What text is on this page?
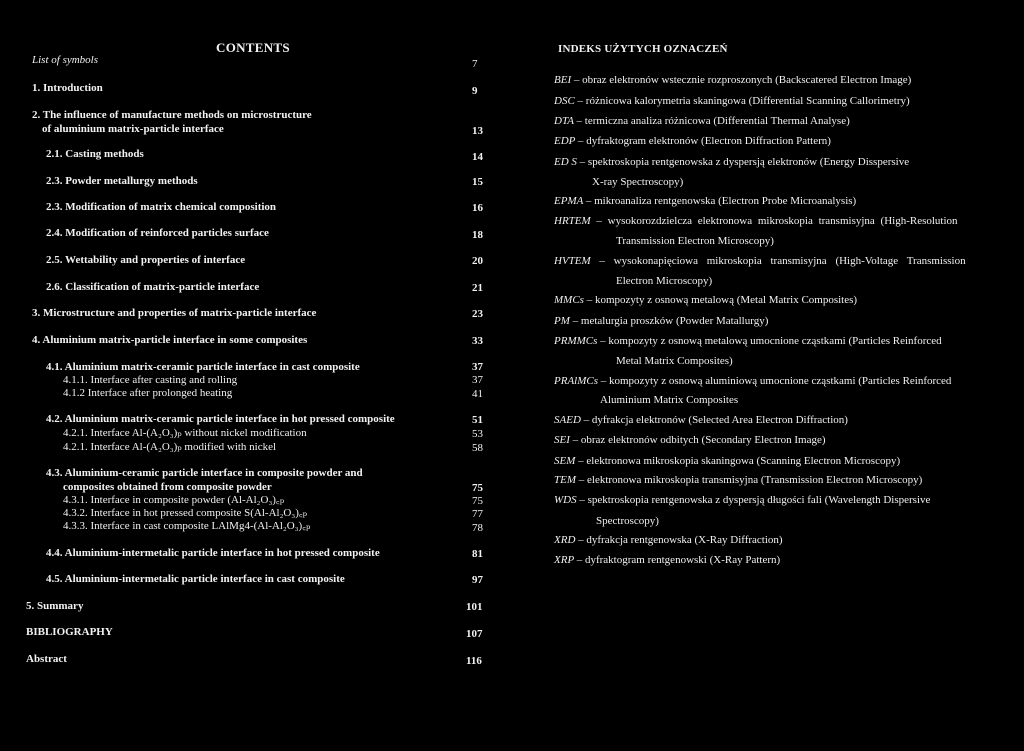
CONTENTS
List of symbols	7
1. Introduction	9
2. The influence of manufacture methods on microstructure
of aluminium matrix-particle interface	13
2.1. Casting methods	14
2.3. Powder metallurgy methods	15
2.3. Modification of matrix chemical composition	16
2.4. Modification of reinforced particles surface	18
2.5. Wettability and properties of interface	20
2.6. Classification of matrix-particle interface	21
3. Microstructure and properties of matrix-particle interface	23
4. Aluminium matrix-particle interface in some composites	33
4.1. Aluminium matrix-ceramic particle interface in cast composite	37
4.1.1. Interface after casting and rolling	37
4.1.2 Interface after prolonged heating	41
4.2. Aluminium matrix-ceramic particle interface in hot pressed composite	51
4.2.1. Interface Al-(A₂O₃)ₚ without nickel modification	53
4.2.1. Interface Al-(A₂O₃)ₚ modified with nickel	58
4.3. Aluminium-ceramic particle interface in composite powder and
composites obtained from composite powder	75
4.3.1. Interface in composite powder (Al-Al₂O₃)꜀ₚ	75
4.3.2. Interface in hot pressed composite S(Al-Al₂O₃)꜀ₚ	77
4.3.3. Interface in cast composite LAlMg4-(Al-Al₂O₃)꜀ₚ	78
4.4. Aluminium-intermetalic particle interface in hot pressed composite	81
4.5. Aluminium-intermetalic particle interface in cast composite	97
5. Summary	101
BIBLIOGRAPHY	107
Abstract	116
INDEKS UŻYTYCH OZNACZEŃ
BEI – obraz elektronów wstecznie rozproszonych (Backscatered Electron Image)
DSC – różnicowa kalorymetria skaningowa (Differential Scanning Callorimetry)
DTA – termiczna analiza różnicowa (Differential Thermal Analyse)
EDP – dyfraktogram elektronów (Electron Diffraction Pattern)
ED S – spektroskopia rentgenowska z dyspersją elektronów (Energy Disspersive
X-ray Spectroscopy)
EPMA – mikroanaliza rentgenowska (Electron Probe Microanalysis)
HRTEM – wysokorozdzielcza elektronowa mikroskopia transmisyjna (High-Resolution
Transmission Electron Microscopy)
HVTEM – wysokonapięciowa mikroskopia transmisyjna (High-Voltage Transmission
Electron Microscopy)
MMCs – kompozyty z osnową metalową (Metal Matrix Composites)
PM – metalurgia proszków (Powder Matallurgy)
PRMMCs – kompozyty z osnową metalową umocnione cząstkami (Particles Reinforced
Metal Matrix Composites)
PRAlMCs – kompozyty z osnową aluminiową umocnione cząstkami (Particles Reinforced
Aluminium Matrix Composites
SAED – dyfrakcja elektronów (Selected Area Electron Diffraction)
SEI – obraz elektronów odbitych (Secondary Electron Image)
SEM – elektronowa mikroskopia skaningowa (Scanning Electron Microscopy)
TEM – elektronowa mikroskopia transmisyjna (Transmission Electron Microscopy)
WDS – spektroskopia rentgenowska z dyspersją długości fali (Wavelength Dispersive
Spectroscopy)
XRD – dyfrakcja rentgenowska (X-Ray Diffraction)
XRP – dyfraktogram rentgenowski (X-Ray Pattern)
